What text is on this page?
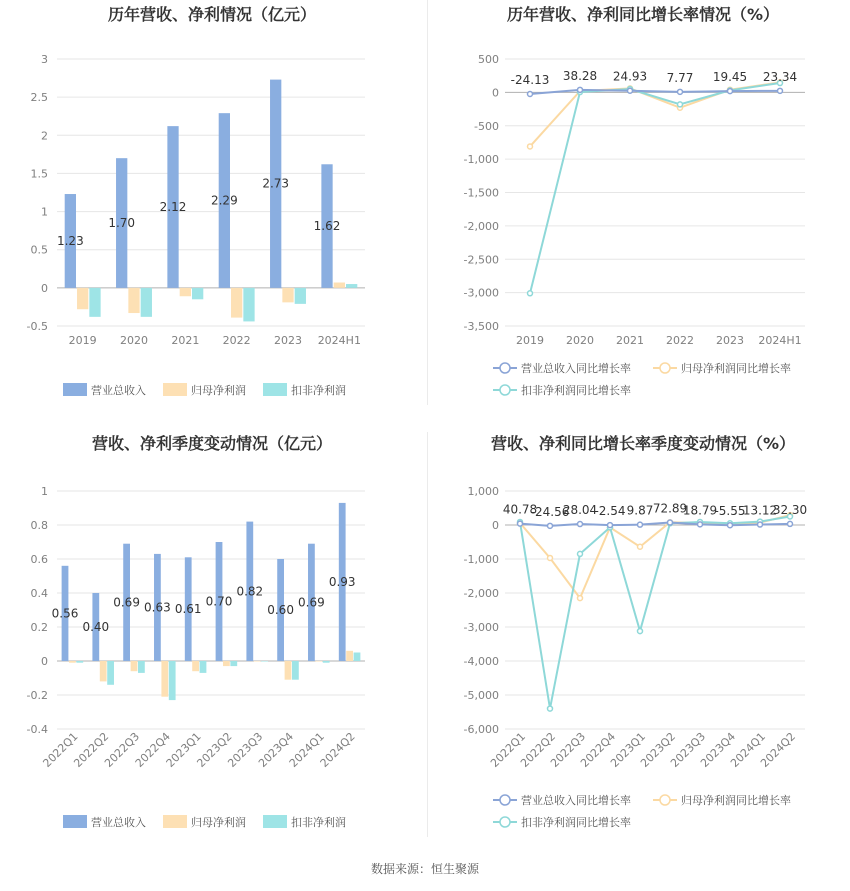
历年营收、净利情况（亿元）
3
2.5
2
1.5
1
0.5
0
-0.5
2019 2020 2021 2022 2023 2024H1
1.23
1.70
2.12 2.29
2.73
1.62
营业总收入	归母净利润	扣非净利润
历年营收、净利同比增长率情况（%）
500
0
-500
-1,000
-1,500
-2,000
-2,500
-3,000
-3,500
2019 2020 2021 2022 2023 2024H1
-24.13 38.28 24.93 7.77 19.45 23.34
营业总收入同比增长率	归母净利润同比增长率
扣非净利润同比增长率
营收、净利季度变动情况（亿元）
1
0.8
0.6
0.4
0.2
0
-0.2
-0.4
2022Q1
2022Q2
2022Q3
2022Q4
2023Q1
2023Q2
2023Q3
2023Q4
2024Q1
2024Q2
0.56
0.40
0.69 0.63 0.61
0.70
0.82
0.60
0.69
0.93
营业总收入	归母净利润	扣非净利润
营收、净利同比增长率季度变动情况（%）
1,000
0
-1,000
-2,000
-3,000
-4,000
-5,000
-6,000
2022Q1
2022Q2
2022Q3
2022Q4
2023Q1
2023Q2
2023Q3
2023Q4
2024Q1
2024Q2
40.78
-24.56
28.04
-2.54 9.87 72.89
18.79
-5.55
13.12
32.30
营业总收入同比增长率	归母净利润同比增长率
扣非净利润同比增长率
数据来源：恒生聚源
